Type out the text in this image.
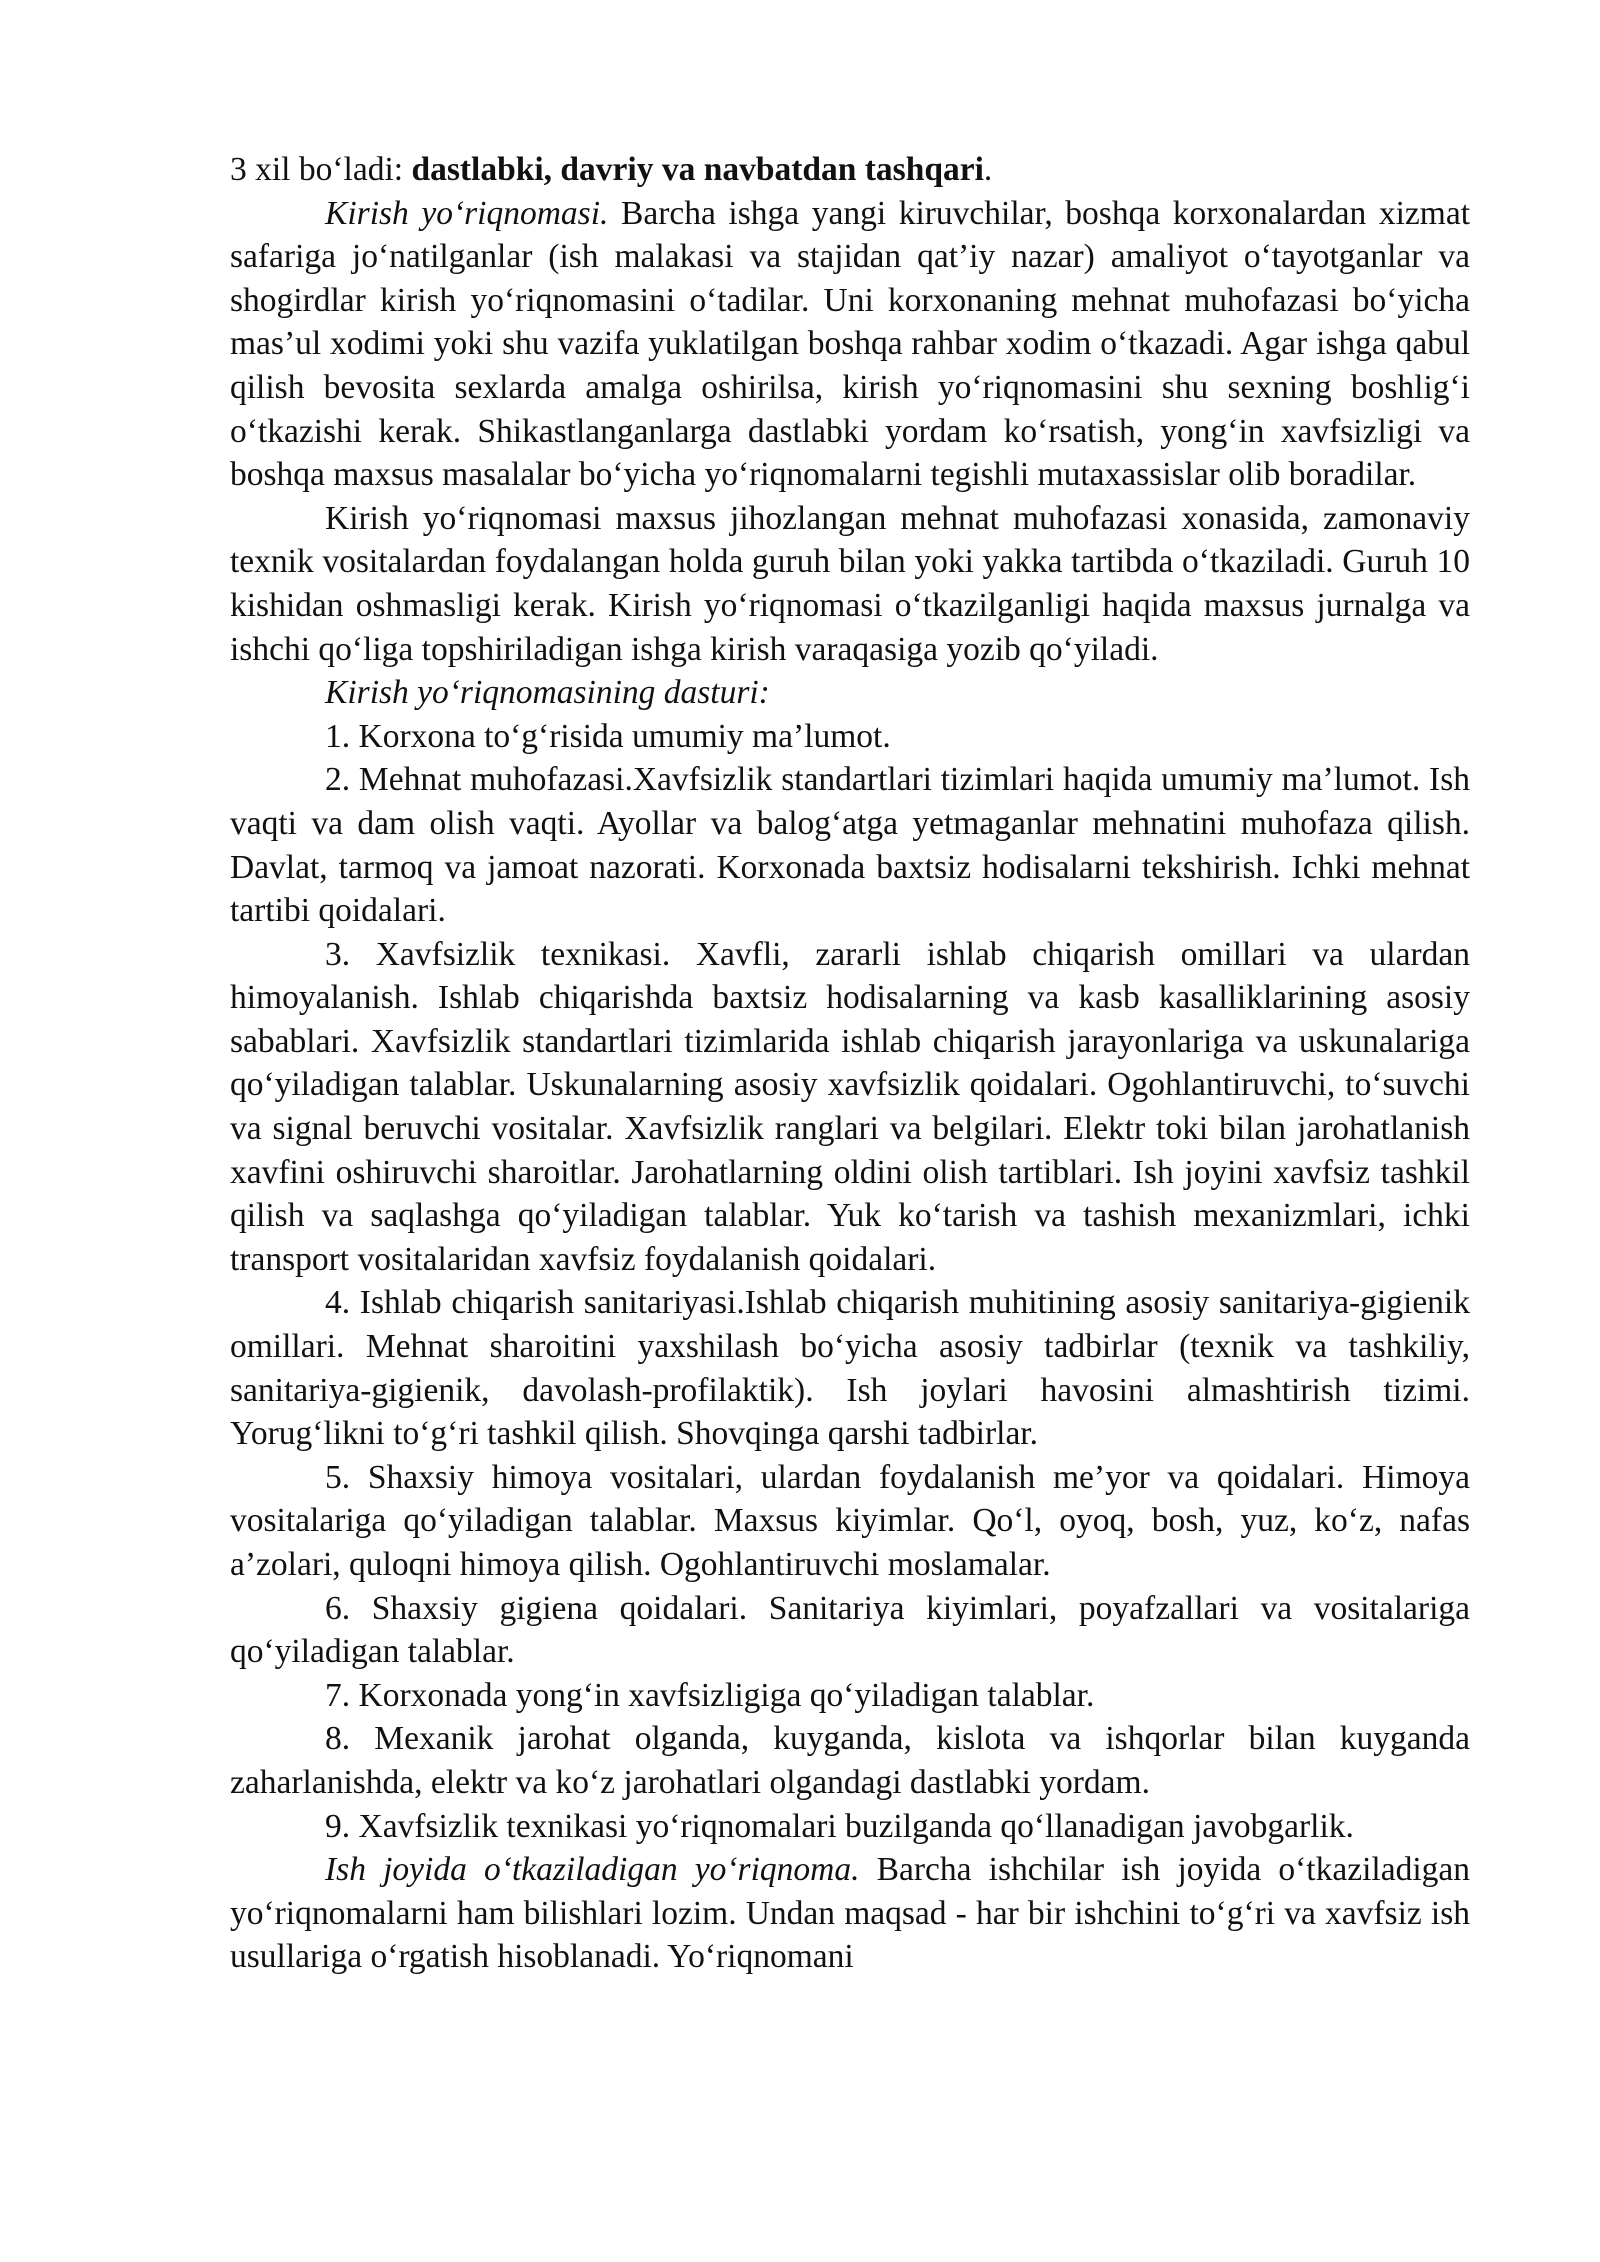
3 xil bo‘ladi: dastlabki, davriy va navbatdan tashqari.

Kirish yo‘riqnomasi. Barcha ishga yangi kiruvchilar, boshqa korxonalardan xizmat safariga jo‘natilganlar (ish malakasi va stajidan qat’iy nazar) amaliyot o‘tayotganlar va shogirdlar kirish yo‘riqnomasini o‘tadilar. Uni korxonaning mehnat muhofazasi bo‘yicha mas’ul xodimi yoki shu vazifa yuklatilgan boshqa rahbar xodim o‘tkazadi. Agar ishga qabul qilish bevosita sexlarda amalga oshirilsa, kirish yo‘riqnomasini shu sexning boshlig‘i o‘tkazishi kerak. Shikastlanganlarga dastlabki yordam ko‘rsatish, yong‘in xavfsizligi va boshqa maxsus masalalar bo‘yicha yo‘riqnomalarni tegishli mutaxassislar olib boradilar.

Kirish yo‘riqnomasi maxsus jihozlangan mehnat muhofazasi xonasida, zamonaviy texnik vositalardan foydalangan holda guruh bilan yoki yakka tartibda o‘tkaziladi. Guruh 10 kishidan oshmasligi kerak. Kirish yo‘riqnomasi o‘tkazilganligi haqida maxsus jurnalga va ishchi qo‘liga topshiriladigan ishga kirish varaqasiga yozib qo‘yiladi.

Kirish yo‘riqnomasining dasturi:

1. Korxona to‘g‘risida umumiy ma’lumot.

2. Mehnat muhofazasi.Xavfsizlik standartlari tizimlari haqida umumiy ma’lumot. Ish vaqti va dam olish vaqti. Ayollar va balog‘atga yetmaganlar mehnatini muhofaza qilish. Davlat, tarmoq va jamoat nazorati. Korxonada baxtsiz hodisalarni tekshirish. Ichki mehnat tartibi qoidalari.

3. Xavfsizlik texnikasi. Xavfli, zararli ishlab chiqarish omillari va ulardan himoyalanish. Ishlab chiqarishda baxtsiz hodisalarning va kasb kasalliklarining asosiy sabablari. Xavfsizlik standartlari tizimlarida ishlab chiqarish jarayonlariga va uskunalariga qo‘yiladigan talablar. Uskunalarning asosiy xavfsizlik qoidalari. Ogohlantiruvchi, to‘suvchi va signal beruvchi vositalar. Xavfsizlik ranglari va belgilari. Elektr toki bilan jarohatlanish xavfini oshiruvchi sharoitlar. Jarohatlarning oldini olish tartiblari. Ish joyini xavfsiz tashkil qilish va saqlashga qo‘yiladigan talablar. Yuk ko‘tarish va tashish mexanizmlari, ichki transport vositalaridan xavfsiz foydalanish qoidalari.

4. Ishlab chiqarish sanitariyasi.Ishlab chiqarish muhitining asosiy sanitariya-gigienik omillari. Mehnat sharoitini yaxshilash bo‘yicha asosiy tadbirlar (texnik va tashkiliy, sanitariya-gigienik, davolash-profilaktik). Ish joylari havosini almashtirish tizimi. Yorug‘likni to‘g‘ri tashkil qilish. Shovqinga qarshi tadbirlar.

5. Shaxsiy himoya vositalari, ulardan foydalanish me’yor va qoidalari. Himoya vositalariga qo‘yiladigan talablar. Maxsus kiyimlar. Qo‘l, oyoq, bosh, yuz, ko‘z, nafas a’zolari, quloqni himoya qilish. Ogohlantiruvchi moslamalar.

6. Shaxsiy gigiena qoidalari. Sanitariya kiyimlari, poyafzallari va vositalariga qo‘yiladigan talablar.

7. Korxonada yong‘in xavfsizligiga qo‘yiladigan talablar.

8. Mexanik jarohat olganda, kuyganda, kislota va ishqorlar bilan kuyganda zaharlanishda, elektr va ko‘z jarohatlari olgandagi dastlabki yordam.

9. Xavfsizlik texnikasi yo‘riqnomalari buzilganda qo‘llanadigan javobgarlik.

Ish joyida o‘tkaziladigan yo‘riqnoma. Barcha ishchilar ish joyida o‘tkaziladigan yo‘riqnomalarni ham bilishlari lozim. Undan maqsad - har bir ishchini to‘g‘ri va xavfsiz ish usullariga o‘rgatish hisoblanadi. Yo‘riqnomani
